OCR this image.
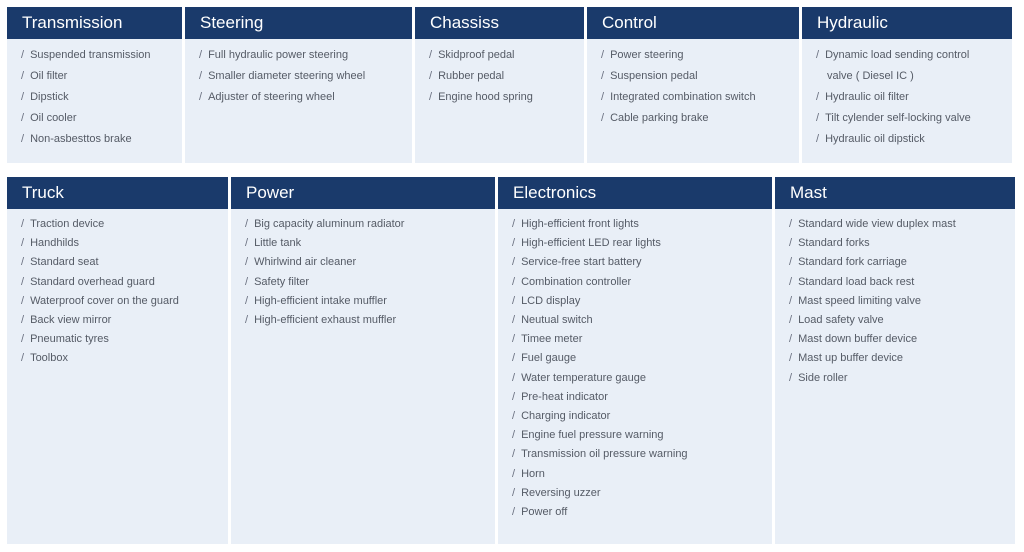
Transmission
/ Suspended transmission
/ Oil filter
/ Dipstick
/ Oil cooler
/ Non-asbesttos brake
Steering
/ Full hydraulic power steering
/ Smaller diameter steering wheel
/ Adjuster of steering wheel
Chassiss
/ Skidproof pedal
/ Rubber pedal
/ Engine hood spring
Control
/ Power steering
/ Suspension pedal
/ Integrated combination switch
/ Cable parking brake
Hydraulic
/ Dynamic load sending control
valve ( Diesel IC )
/ Hydraulic oil filter
/ Tilt cylender self-locking valve
/ Hydraulic oil dipstick
Truck
/ Traction device
/ Handhilds
/ Standard seat
/ Standard overhead guard
/ Waterproof cover on the guard
/ Back view mirror
/ Pneumatic tyres
/ Toolbox
Power
/ Big capacity aluminum radiator
/ Little tank
/ Whirlwind air cleaner
/ Safety filter
/ High-efficient intake muffler
/ High-efficient exhaust muffler
Electronics
/ High-efficient front lights
/ High-efficient LED rear lights
/ Service-free start battery
/ Combination controller
/ LCD display
/ Neutual switch
/ Timee meter
/ Fuel gauge
/ Water temperature gauge
/ Pre-heat indicator
/ Charging indicator
/ Engine fuel pressure warning
/ Transmission oil pressure warning
/ Horn
/ Reversing uzzer
/ Power off
Mast
/ Standard wide view duplex mast
/ Standard forks
/ Standard fork carriage
/ Standard load back rest
/ Mast speed limiting valve
/ Load safety valve
/ Mast down buffer device
/ Mast up buffer device
/ Side roller
